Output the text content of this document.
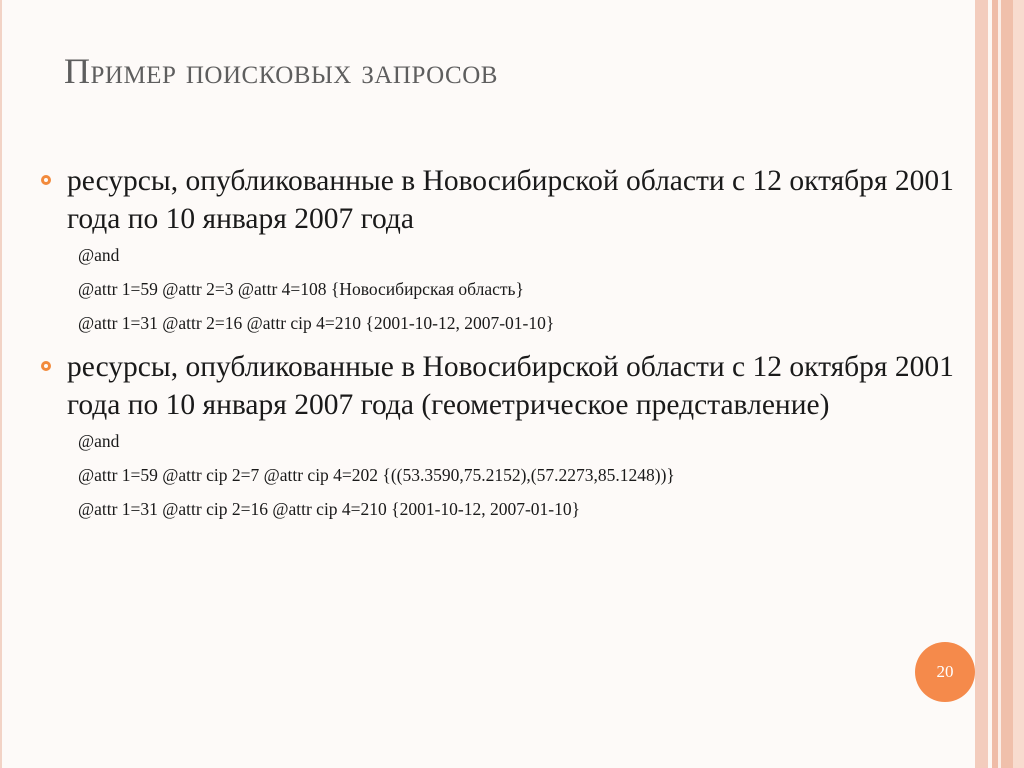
Пример поисковых запросов
ресурсы, опубликованные в Новосибирской области с 12 октября 2001 года по 10 января 2007 года
@and
@attr 1=59 @attr 2=3 @attr 4=108 {Новосибирская область}
@attr 1=31 @attr 2=16 @attr cip 4=210 {2001-10-12, 2007-01-10}
ресурсы, опубликованные в Новосибирской области с 12 октября 2001 года по 10 января 2007 года (геометрическое представление)
@and
@attr 1=59 @attr cip 2=7 @attr cip 4=202 {((53.3590,75.2152),(57.2273,85.1248))}
@attr 1=31 @attr cip 2=16 @attr cip 4=210 {2001-10-12, 2007-01-10}
20
